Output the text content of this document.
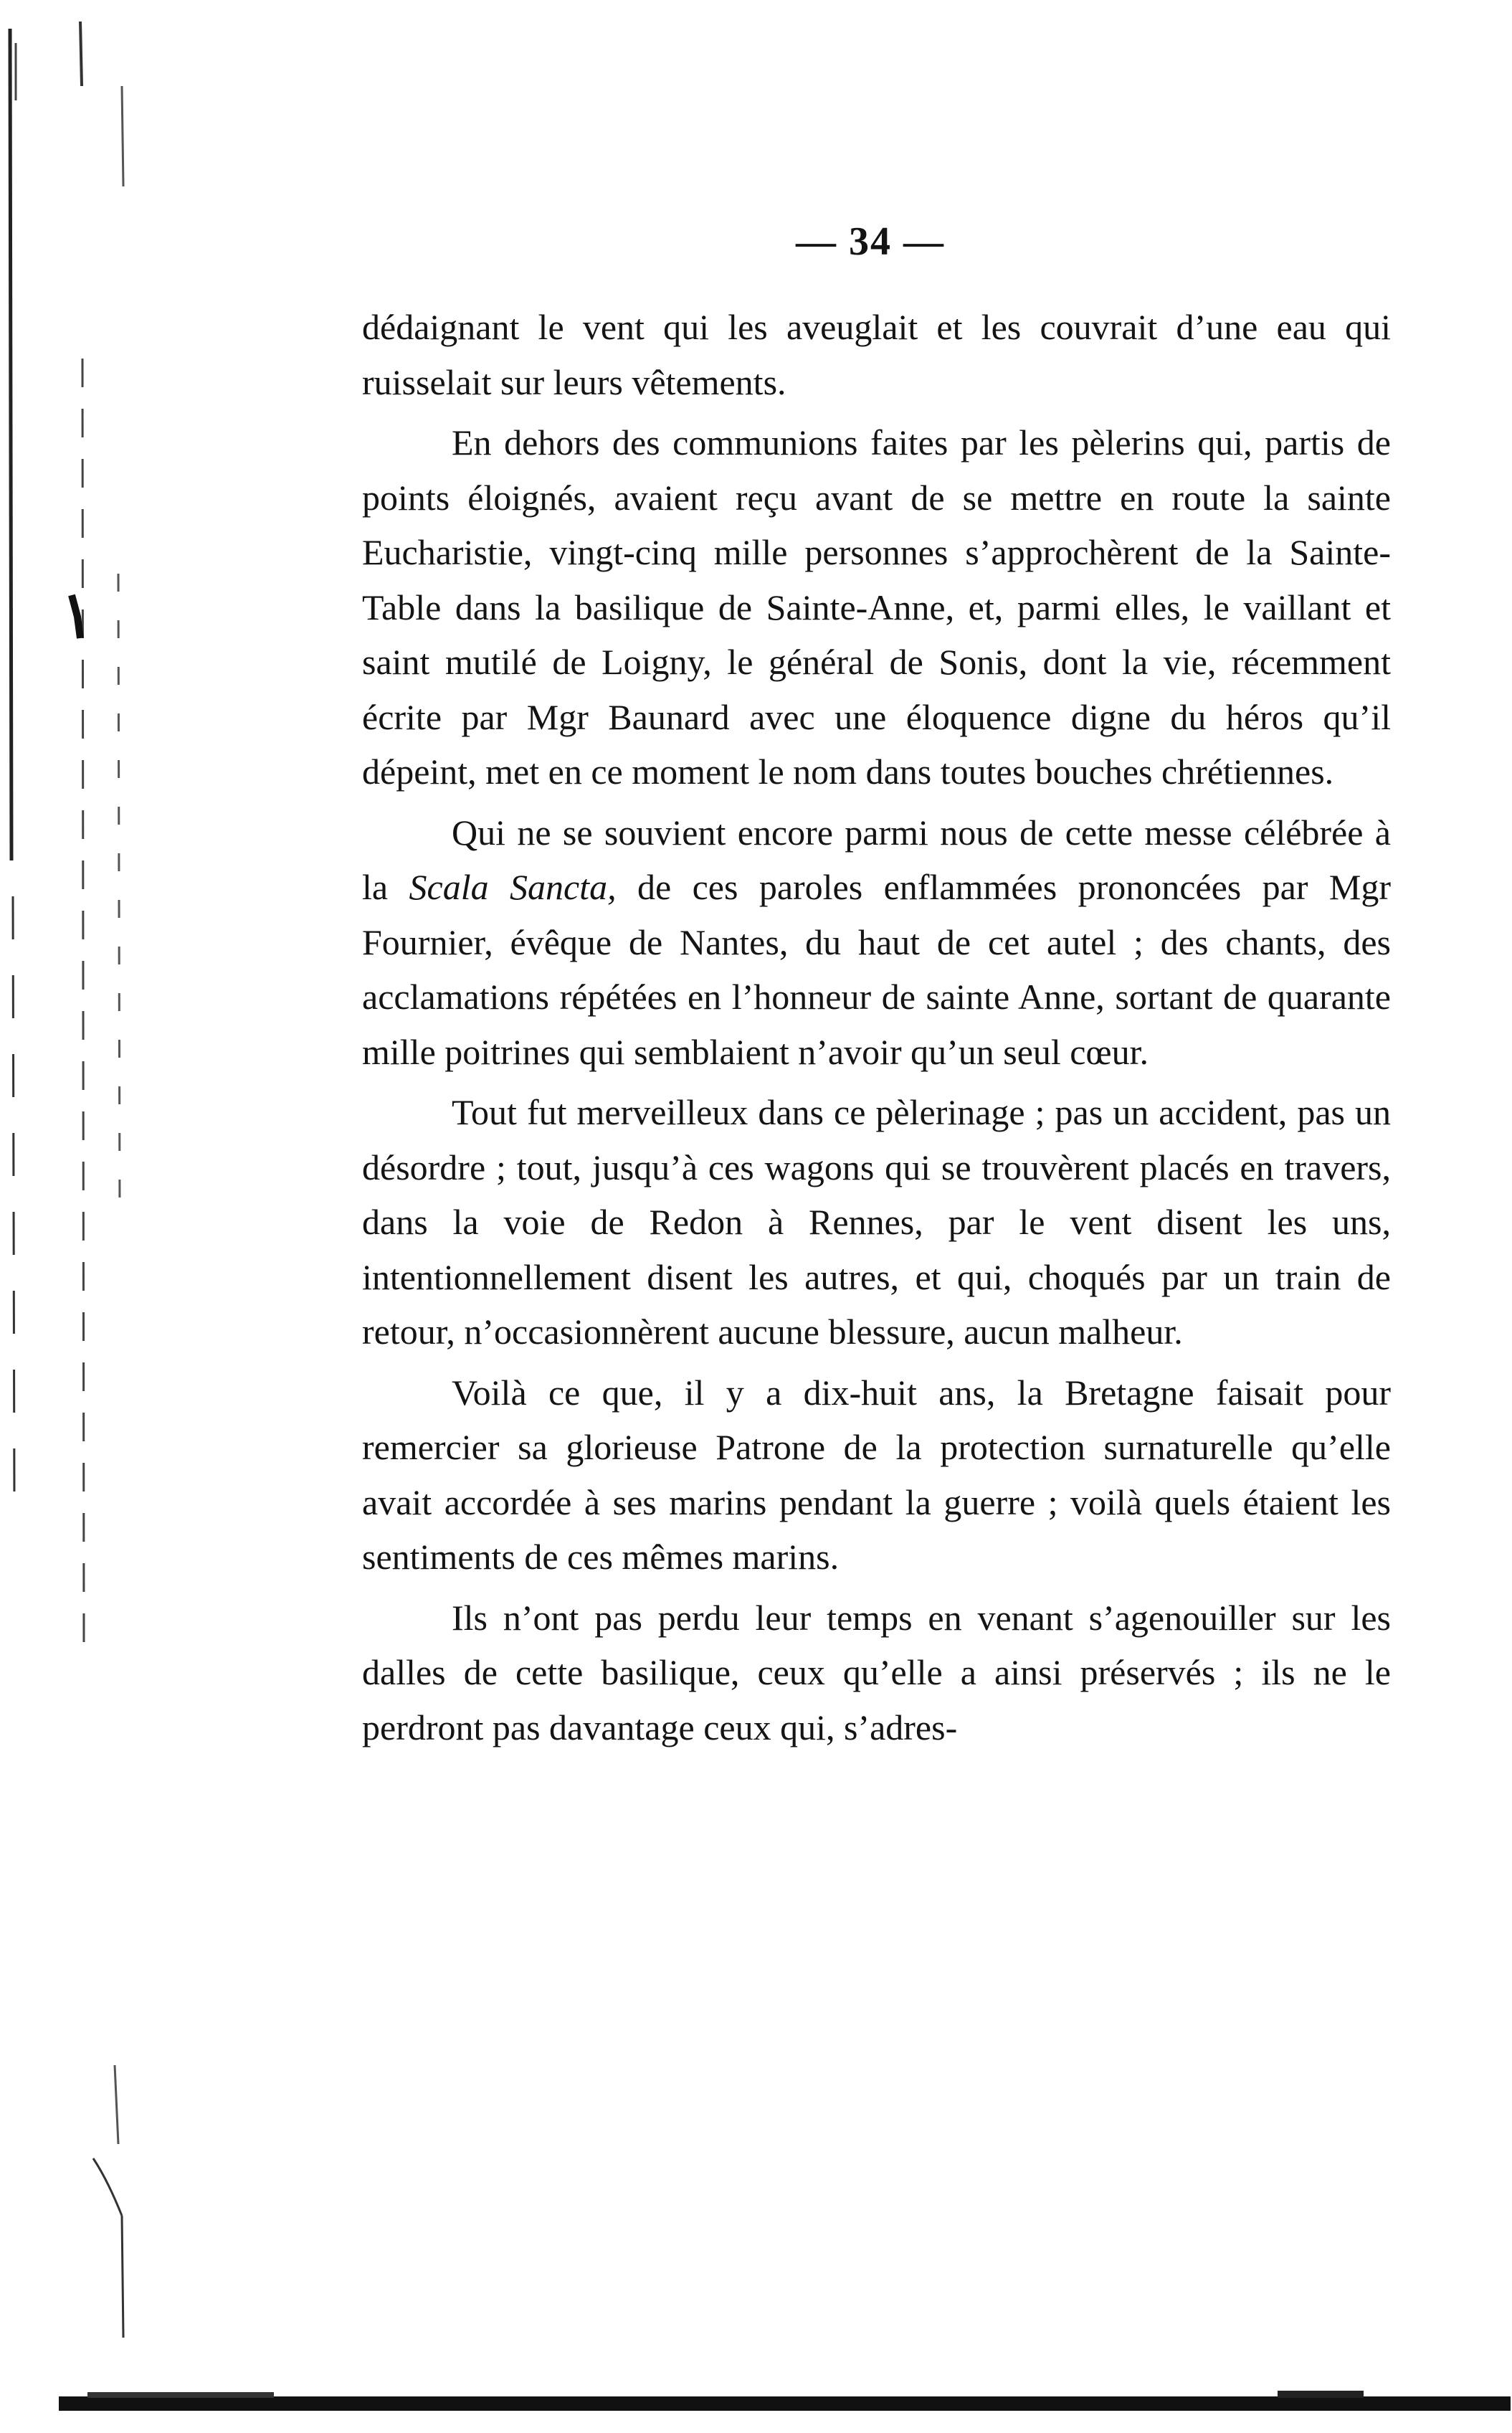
— 34 —

dédaignant le vent qui les aveuglait et les couvrait d’une eau qui ruisselait sur leurs vêtements.

En dehors des communions faites par les pèlerins qui, partis de points éloignés, avaient reçu avant de se mettre en route la sainte Eucharistie, vingt-cinq mille personnes s’approchèrent de la Sainte-Table dans la basilique de Sainte-Anne, et, parmi elles, le vaillant et saint mutilé de Loigny, le général de Sonis, dont la vie, récemment écrite par Mgr Baunard avec une éloquence digne du héros qu’il dépeint, met en ce moment le nom dans toutes bouches chrétiennes.

Qui ne se souvient encore parmi nous de cette messe célébrée à la Scala Sancta, de ces paroles enflammées prononcées par Mgr Fournier, évêque de Nantes, du haut de cet autel ; des chants, des acclamations répétées en l’honneur de sainte Anne, sortant de quarante mille poitrines qui semblaient n’avoir qu’un seul cœur.

Tout fut merveilleux dans ce pèlerinage ; pas un accident, pas un désordre ; tout, jusqu’à ces wagons qui se trouvèrent placés en travers, dans la voie de Redon à Rennes, par le vent disent les uns, intentionnellement disent les autres, et qui, choqués par un train de retour, n’occasionnèrent aucune blessure, aucun malheur.

Voilà ce que, il y a dix-huit ans, la Bretagne faisait pour remercier sa glorieuse Patrone de la protection surnaturelle qu’elle avait accordée à ses marins pendant la guerre ; voilà quels étaient les sentiments de ces mêmes marins.

Ils n’ont pas perdu leur temps en venant s’agenouiller sur les dalles de cette basilique, ceux qu’elle a ainsi préservés ; ils ne le perdront pas davantage ceux qui, s’adres-
